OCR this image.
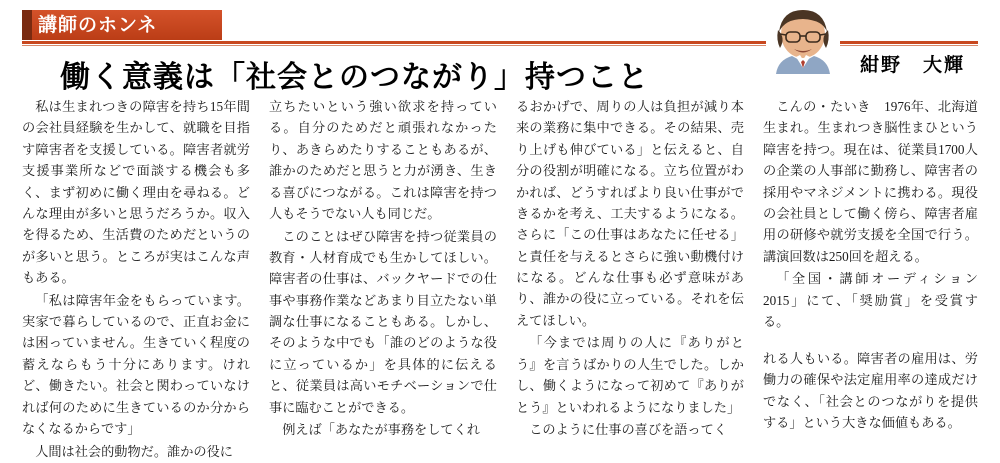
講師のホンネ
働く意義は「社会とのつながり」持つこと	紺野　大輝

私は生まれつきの障害を持ち15年間の会社員経験を生かして、就職を目指す障害者を支援している。障害者就労支援事業所などで面談する機会も多く、まず初めに働く理由を尋ねる。どんな理由が多いと思うだろうか。収入を得るため、生活費のためだというのが多いと思う。ところが実はこんな声もある。

「私は障害年金をもらっています。実家で暮らしているので、正直お金には困っていません。生きていく程度の蓄えならもう十分にあります。けれど、働きたい。社会と関わっていなければ何のために生きているのか分からなくなるからです」

人間は社会的動物だ。誰かの役に

立ちたいという強い欲求を持っている。自分のためだと頑張れなかったり、あきらめたりすることもあるが、誰かのためだと思うと力が湧き、生きる喜びにつながる。これは障害を持つ人もそうでない人も同じだ。

このことはぜひ障害を持つ従業員の教育・人材育成でも生かしてほしい。障害者の仕事は、バックヤードでの仕事や事務作業などあまり目立たない単調な仕事になることもある。しかし、そのような中でも「誰のどのような役に立っているか」を具体的に伝えると、従業員は高いモチベーションで仕事に臨むことができる。

例えば「あなたが事務をしてくれ

るおかげで、周りの人は負担が減り本来の業務に集中できる。その結果、売り上げも伸びている」と伝えると、自分の役割が明確になる。立ち位置がわかれば、どうすればより良い仕事ができるかを考え、工夫するようになる。さらに「この仕事はあなたに任せる」と責任を与えるとさらに強い動機付けになる。どんな仕事も必ず意味があり、誰かの役に立っている。それを伝えてほしい。

「今までは周りの人に『ありがとう』を言うばかりの人生でした。しかし、働くようになって初めて『ありがとう』といわれるようになりました」

このように仕事の喜びを語ってく

こんの・たいき　1976年、北海道生まれ。生まれつき脳性まひという障害を持つ。現在は、従業員1700人の企業の人事部に勤務し、障害者の採用やマネジメントに携わる。現役の会社員として働く傍ら、障害者雇用の研修や就労支援を全国で行う。講演回数は250回を超える。

「全国・講師オーディション2015」にて、「奨励賞」を受賞する。

れる人もいる。障害者の雇用は、労働力の確保や法定雇用率の達成だけでなく、「社会とのつながりを提供する」という大きな価値もある。
